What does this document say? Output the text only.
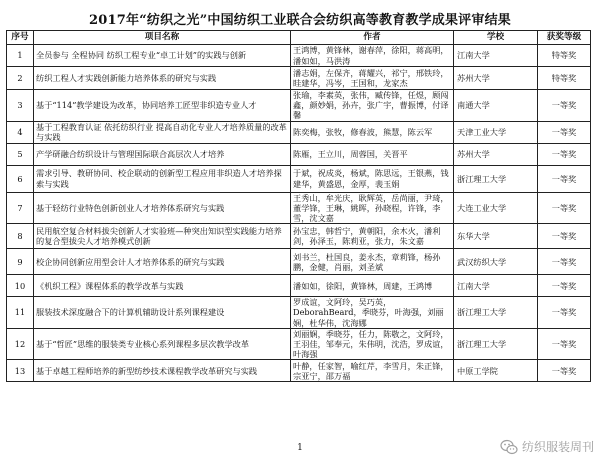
2017年“纺织之光”中国纺织工业联合会纺织高等教育教学成果评审结果
序号	项目名称	作者	学校	获奖等级
1	全员参与 全程协同 纺织工程专业“卓工计划”的实践与创新	王鸿博，黄锋林，谢春萍，徐阳，蒋高明，潘如如，马洪涛	江南大学	特等奖
2	纺织工程人才实践创新能力培养体系的研究与实践	潘志娟，左保齐，蒋耀兴，祁宁，邢铁玲，眭建华，冯岑，王国和，龙家杰	苏州大学	特等奖
3	基于“114”教学建设为改革，协同培养工匠型非织造专业人才	张瑜，李素英，张伟，臧传锋，任煜，顾闯鑫，颜妙娟，孙卉，张广宇，曹振博，付译馨	南通大学	一等奖
4	基于工程教育认证 依托纺织行业 提高自动化专业人才培养质量的改革与实践	陈奕梅，张牧，修春波，熊慧，陈云军	天津工业大学	一等奖
5	产学研融合纺织设计与管理国际联合高层次人才培养	陈雁，王立川，周蓉国，关晋平	苏州大学	一等奖
6	需求引导、教研协同、校企联动的创新型工程应用非织造人才培养探索与实践	于斌，祝成炎，杨斌，陈思远，王银燕，钱建华，黄盛恩，金厚，裴玉娟	浙江理工大学	一等奖
7	基于轻纺行业特色创新创业人才培养体系研究与实践	王秀山，牟光庆，耿辉英，岳尚丽，尹琦，董学锋，王琳，姚晖，孙晓程，许锋，李雪，沈文嘉	大连工业大学	一等奖
8	民用航空复合材料拔尖创新人才实验班—种突出知识型实践能力培养的复合型拔尖人才培养模式创新	孙宝忠，韩哲宁，黄朝阳，余木火，潘利剑，孙泽玉，陈莉亚，张力，朱文嘉	东华大学	一等奖
9	校企协同创新应用型会计人才培养体系的研究与实践	刘书兰，杜国良，姜永杰，章莉锋，杨孙鹏，金健，肖丽，刘圣斌	武汉纺织大学	一等奖
10	《机织工程》课程体系的教学改革与实践	潘如如，徐阳，黄锋林，周建，王鸿博	江南大学	一等奖
11	服装技术深度融合下的计算机辅助设计系列课程建设	罗成谊，文阿玲，吴巧英，DeborahBeard，季晓芬，叶海强，刘丽娴，杜华伟，沈海娜	浙江理工大学	一等奖
12	基于“哲匠”思维的服装类专业核心系列课程多层次教学改革	刘丽娴，季晓芬，任力，陈敬之，文阿玲，王羽佳，邹奉元，朱伟明，沈浩，罗成谊，叶海强	浙江理工大学	一等奖
13	基于卓越工程师培养的新型纺纱技术课程教学改革研究与实践	叶静，任家智，喻红芹，李雪月，朱正锋，宗亚宁，邵万福	中原工学院	一等奖
1	纺织服装周刊
